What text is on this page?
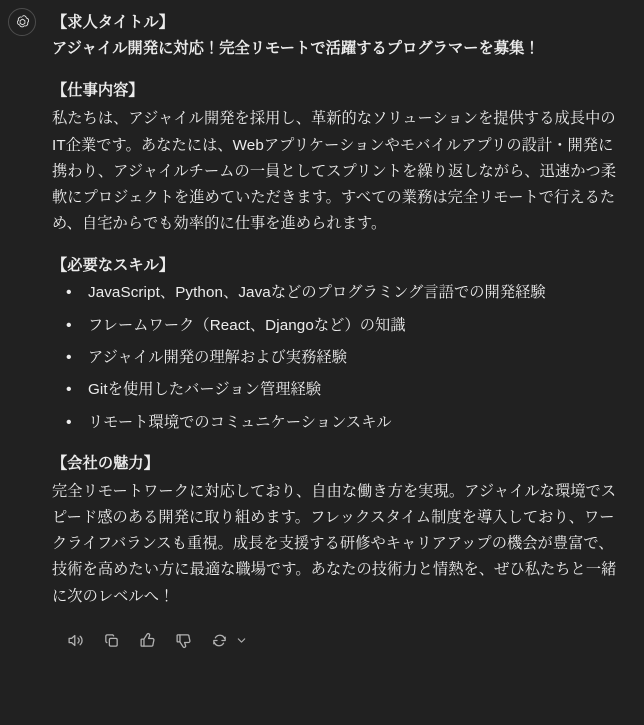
【求人タイトル】

アジャイル開発に対応！完全リモートで活躍するプログラマーを募集！

【仕事内容】

私たちは、アジャイル開発を採用し、革新的なソリューションを提供する成長中のIT企業です。あなたには、Webアプリケーションやモバイルアプリの設計・開発に携わり、アジャイルチームの一員としてスプリントを繰り返しながら、迅速かつ柔軟にプロジェクトを進めていただきます。すべての業務は完全リモートで行えるため、自宅からでも効率的に仕事を進められます。

【必要なスキル】

• JavaScript、Python、Javaなどのプログラミング言語での開発経験
• フレームワーク（React、Djangoなど）の知識
• アジャイル開発の理解および実務経験
• Gitを使用したバージョン管理経験
• リモート環境でのコミュニケーションスキル

【会社の魅力】

完全リモートワークに対応しており、自由な働き方を実現。アジャイルな環境でスピード感のある開発に取り組めます。フレックスタイム制度を導入しており、ワークライフバランスも重視。成長を支援する研修やキャリアアップの機会が豊富で、技術を高めたい方に最適な職場です。あなたの技術力と情熱を、ぜひ私たちと一緒に次のレベルへ！
